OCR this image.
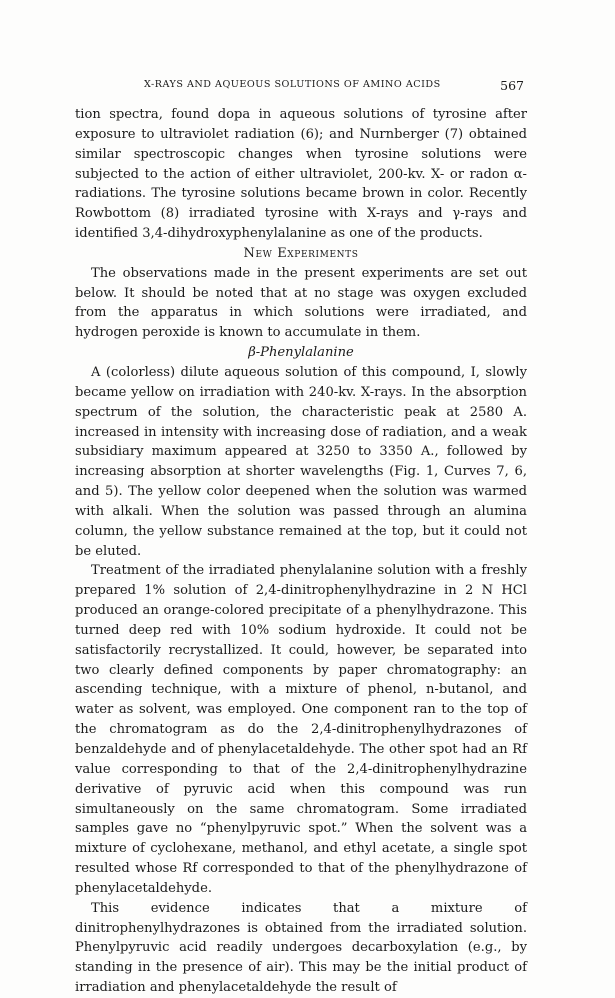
X-RAYS AND AQUEOUS SOLUTIONS OF AMINO ACIDS	567

tion spectra, found dopa in aqueous solutions of tyrosine after exposure to ultraviolet radiation (6); and Nurnberger (7) obtained similar spectroscopic changes when tyrosine solutions were subjected to the action of either ultraviolet, 200-kv. X- or radon α-radiations. The tyrosine solutions became brown in color. Recently Rowbottom (8) irradiated tyrosine with X-rays and γ-rays and identified 3,4-dihydroxyphenylalanine as one of the products.

New Experiments

The observations made in the present experiments are set out below. It should be noted that at no stage was oxygen excluded from the apparatus in which solutions were irradiated, and hydrogen peroxide is known to accumulate in them.

β-Phenylalanine

A (colorless) dilute aqueous solution of this compound, I, slowly became yellow on irradiation with 240-kv. X-rays. In the absorption spectrum of the solution, the characteristic peak at 2580 A. increased in intensity with increasing dose of radiation, and a weak subsidiary maximum appeared at 3250 to 3350 A., followed by increasing absorption at shorter wavelengths (Fig. 1, Curves 7, 6, and 5). The yellow color deepened when the solution was warmed with alkali. When the solution was passed through an alumina column, the yellow substance remained at the top, but it could not be eluted.

Treatment of the irradiated phenylalanine solution with a freshly prepared 1% solution of 2,4-dinitrophenylhydrazine in 2 N HCl produced an orange-colored precipitate of a phenylhydrazone. This turned deep red with 10% sodium hydroxide. It could not be satisfactorily recrystallized. It could, however, be separated into two clearly defined components by paper chromatography: an ascending technique, with a mixture of phenol, n-butanol, and water as solvent, was employed. One component ran to the top of the chromatogram as do the 2,4-dinitrophenylhydrazones of benzaldehyde and of phenylacetaldehyde. The other spot had an Rf value corresponding to that of the 2,4-dinitrophenylhydrazine derivative of pyruvic acid when this compound was run simultaneously on the same chromatogram. Some irradiated samples gave no “phenylpyruvic spot.” When the solvent was a mixture of cyclohexane, methanol, and ethyl acetate, a single spot resulted whose Rf corresponded to that of the phenylhydrazone of phenylacetaldehyde.

This evidence indicates that a mixture of dinitrophenylhydrazones is obtained from the irradiated solution. Phenylpyruvic acid readily undergoes decarboxylation (e.g., by standing in the presence of air). This may be the initial product of irradiation and phenylacetaldehyde the result of
